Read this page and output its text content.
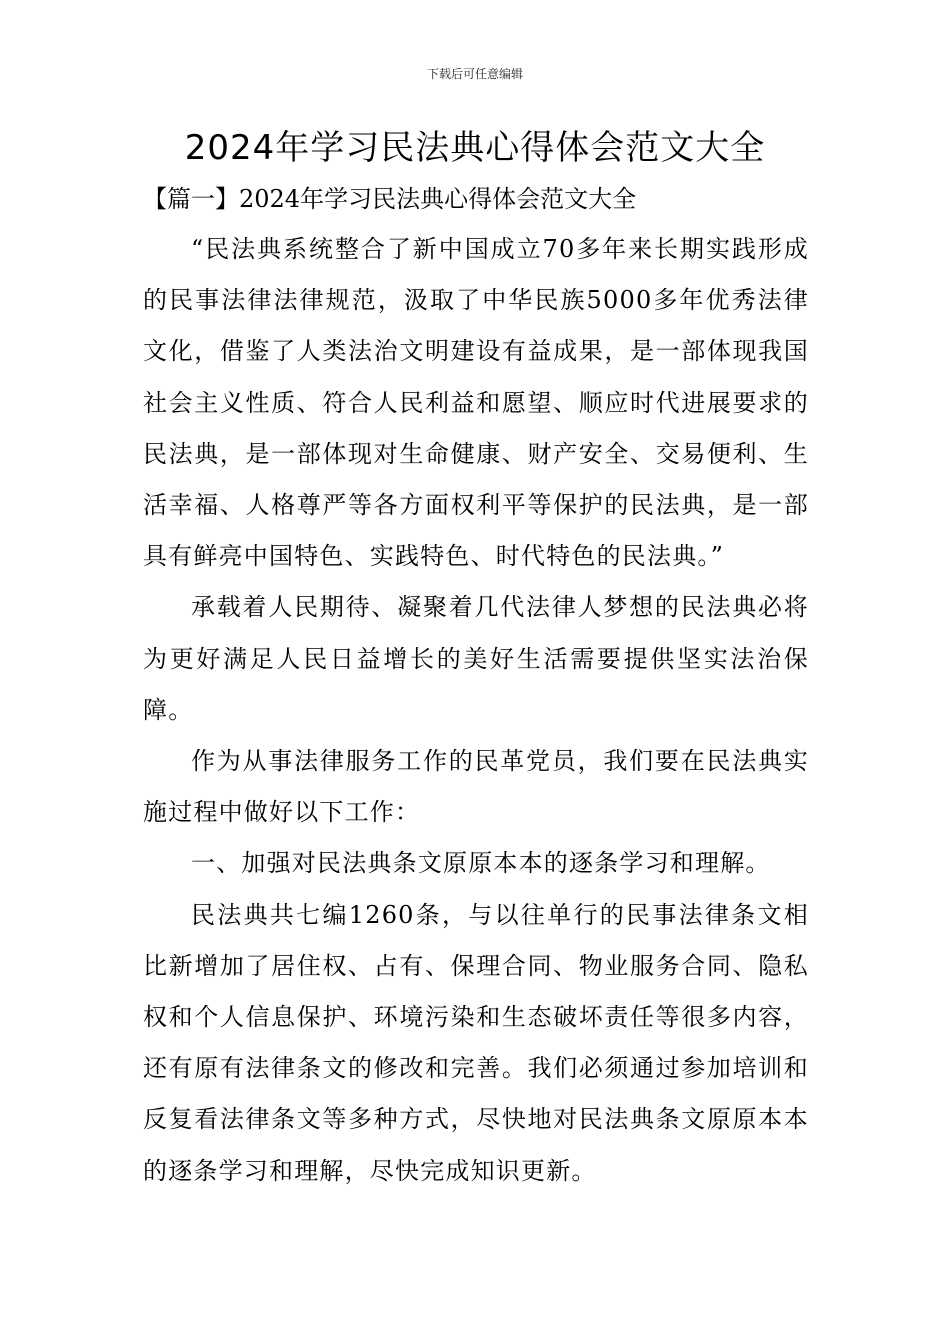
下载后可任意编辑
2024年学习民法典心得体会范文大全
【篇一】2024年学习民法典心得体会范文大全

“民法典系统整合了新中国成立70多年来长期实践形成的民事法律法律规范，汲取了中华民族5000多年优秀法律文化，借鉴了人类法治文明建设有益成果，是一部体现我国社会主义性质、符合人民利益和愿望、顺应时代进展要求的民法典，是一部体现对生命健康、财产安全、交易便利、生活幸福、人格尊严等各方面权利平等保护的民法典，是一部具有鲜亮中国特色、实践特色、时代特色的民法典。”

承载着人民期待、凝聚着几代法律人梦想的民法典必将为更好满足人民日益增长的美好生活需要提供坚实法治保障。

作为从事法律服务工作的民革党员，我们要在民法典实施过程中做好以下工作：

一、加强对民法典条文原原本本的逐条学习和理解。

民法典共七编1260条，与以往单行的民事法律条文相比新增加了居住权、占有、保理合同、物业服务合同、隐私权和个人信息保护、环境污染和生态破坏责任等很多内容，还有原有法律条文的修改和完善。我们必须通过参加培训和反复看法律条文等多种方式，尽快地对民法典条文原原本本的逐条学习和理解，尽快完成知识更新。
